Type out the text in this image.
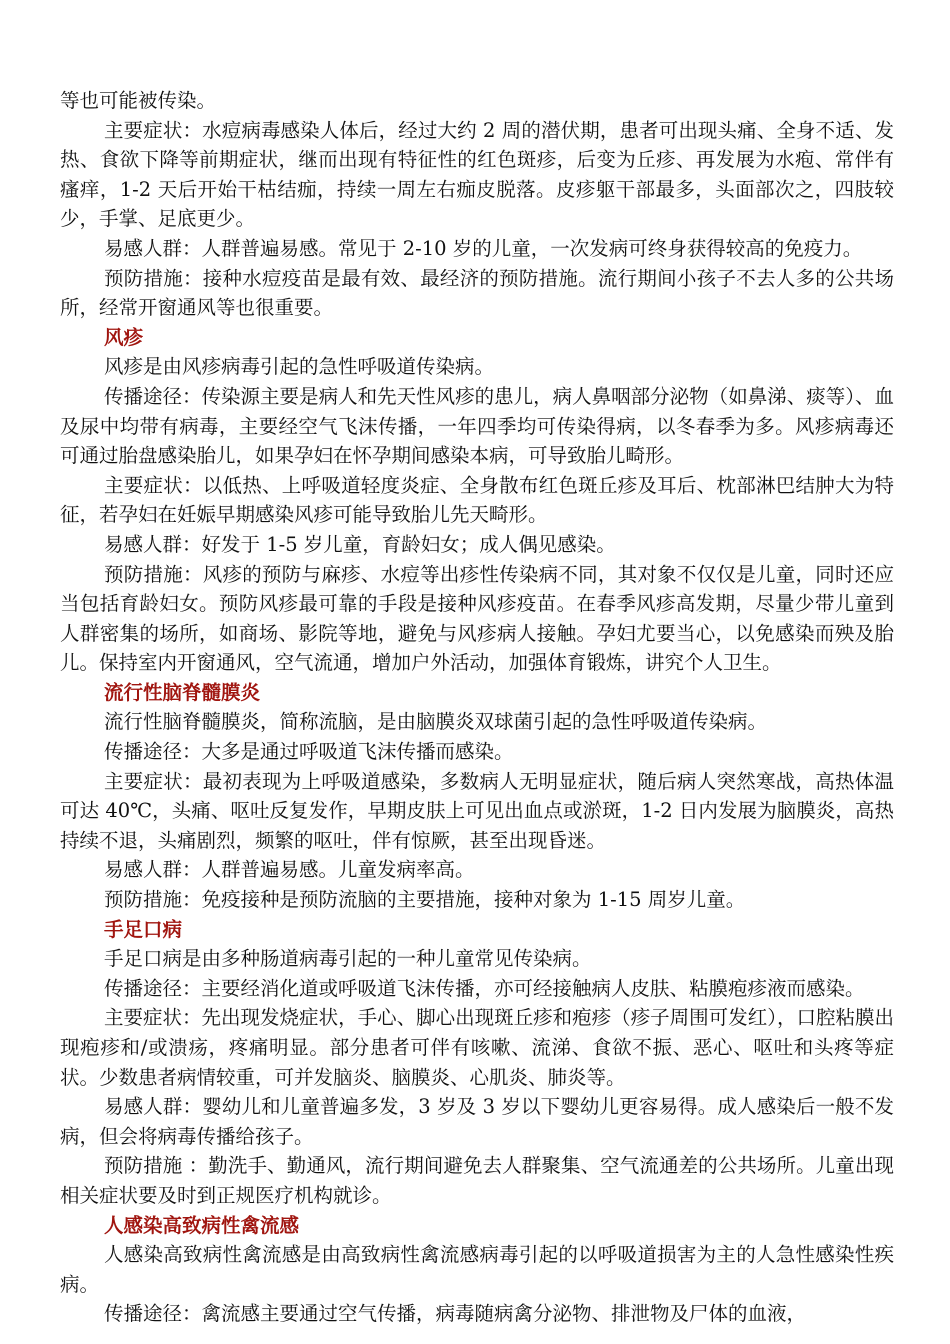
等也可能被传染。

主要症状：水痘病毒感染人体后，经过大约 2 周的潜伏期，患者可出现头痛、全身不适、发热、食欲下降等前期症状，继而出现有特征性的红色斑疹，后变为丘疹、再发展为水疱、常伴有瘙痒，1-2 天后开始干枯结痂，持续一周左右痂皮脱落。皮疹躯干部最多，头面部次之，四肢较少，手掌、足底更少。

易感人群：人群普遍易感。常见于 2-10 岁的儿童，一次发病可终身获得较高的免疫力。

预防措施：接种水痘疫苗是最有效、最经济的预防措施。流行期间小孩子不去人多的公共场所，经常开窗通风等也很重要。

风疹

风疹是由风疹病毒引起的急性呼吸道传染病。

传播途径：传染源主要是病人和先天性风疹的患儿，病人鼻咽部分泌物（如鼻涕、痰等）、血及尿中均带有病毒，主要经空气飞沫传播，一年四季均可传染得病，以冬春季为多。风疹病毒还可通过胎盘感染胎儿，如果孕妇在怀孕期间感染本病，可导致胎儿畸形。

主要症状：以低热、上呼吸道轻度炎症、全身散布红色斑丘疹及耳后、枕部淋巴结肿大为特征，若孕妇在妊娠早期感染风疹可能导致胎儿先天畸形。

易感人群：好发于 1-5 岁儿童，育龄妇女；成人偶见感染。

预防措施：风疹的预防与麻疹、水痘等出疹性传染病不同，其对象不仅仅是儿童，同时还应当包括育龄妇女。预防风疹最可靠的手段是接种风疹疫苗。在春季风疹高发期，尽量少带儿童到人群密集的场所，如商场、影院等地，避免与风疹病人接触。孕妇尤要当心，以免感染而殃及胎儿。保持室内开窗通风，空气流通，增加户外活动，加强体育锻炼，讲究个人卫生。

流行性脑脊髓膜炎

流行性脑脊髓膜炎，简称流脑，是由脑膜炎双球菌引起的急性呼吸道传染病。

传播途径：大多是通过呼吸道飞沫传播而感染。

主要症状：最初表现为上呼吸道感染，多数病人无明显症状，随后病人突然寒战，高热体温可达 40℃，头痛、呕吐反复发作，早期皮肤上可见出血点或淤斑，1-2 日内发展为脑膜炎，高热持续不退，头痛剧烈，频繁的呕吐，伴有惊厥，甚至出现昏迷。

易感人群：人群普遍易感。儿童发病率高。

预防措施：免疫接种是预防流脑的主要措施，接种对象为 1-15 周岁儿童。

手足口病

手足口病是由多种肠道病毒引起的一种儿童常见传染病。

传播途径：主要经消化道或呼吸道飞沫传播，亦可经接触病人皮肤、粘膜疱疹液而感染。

主要症状：先出现发烧症状，手心、脚心出现斑丘疹和疱疹（疹子周围可发红），口腔粘膜出现疱疹和/或溃疡，疼痛明显。部分患者可伴有咳嗽、流涕、食欲不振、恶心、呕吐和头疼等症状。少数患者病情较重，可并发脑炎、脑膜炎、心肌炎、肺炎等。

易感人群：婴幼儿和儿童普遍多发，3 岁及 3 岁以下婴幼儿更容易得。成人感染后一般不发病，但会将病毒传播给孩子。

预防措施 ：勤洗手、勤通风，流行期间避免去人群聚集、空气流通差的公共场所。儿童出现相关症状要及时到正规医疗机构就诊。

人感染高致病性禽流感

人感染高致病性禽流感是由高致病性禽流感病毒引起的以呼吸道损害为主的人急性感染性疾病。

传播途径：禽流感主要通过空气传播，病毒随病禽分泌物、排泄物及尸体的血液，
